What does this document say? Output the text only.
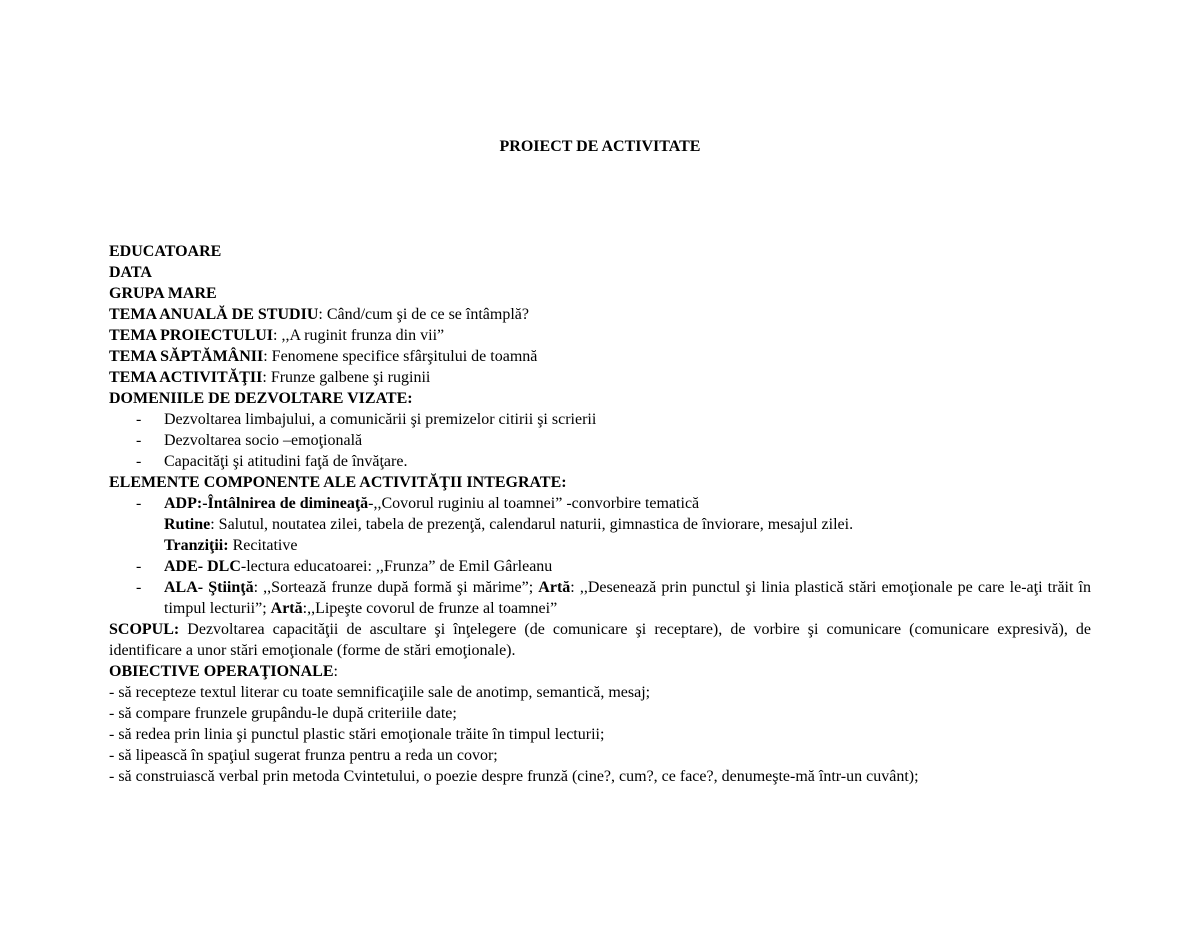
PROIECT DE ACTIVITATE
EDUCATOARE
DATA
GRUPA MARE
TEMA ANUALĂ DE STUDIU: Când/cum şi de ce se întâmplă?
TEMA PROIECTULUI: ,,A ruginit frunza din vii”
TEMA SĂPTĂMÂNII: Fenomene specifice sfârşitului de toamnă
TEMA ACTIVITĂŢII: Frunze galbene şi ruginii
DOMENIILE DE DEZVOLTARE VIZATE:
- Dezvoltarea limbajului, a comunicării şi premizelor citirii şi scrierii
- Dezvoltarea socio –emoţională
- Capacităţi şi atitudini faţă de învăţare.
ELEMENTE COMPONENTE ALE ACTIVITĂŢII INTEGRATE:
- ADP:-Întâlnirea de dimineaţă-,,Covorul ruginiu al toamnei” -convorbire tematică
Rutine: Salutul, noutatea zilei, tabela de prezenţă, calendarul naturii, gimnastica de înviorare, mesajul zilei.
Tranziţii: Recitative
- ADE- DLC-lectura educatoarei: ,,Frunza” de Emil Gârleanu
- ALA- Ştiinţă: ,,Sortează frunze după formă şi mărime”; Artă: ,,Desenează prin punctul şi linia plastică stări emoţionale pe care le-aţi trăit în timpul lecturii”; Artă:,,Lipeşte covorul de frunze al toamnei”
SCOPUL: Dezvoltarea capacităţii de ascultare şi înţelegere (de comunicare şi receptare), de vorbire şi comunicare (comunicare expresivă), de identificare a unor stări emoţionale (forme de stări emoţionale).
OBIECTIVE OPERAŢIONALE:
- să recepteze textul literar cu toate semnificaţiile sale de anotimp, semantică, mesaj;
- să compare frunzele grupându-le după criteriile date;
- să redea prin linia şi punctul plastic stări emoţionale trăite în timpul lecturii;
- să lipească în spaţiul sugerat frunza pentru a reda un covor;
- să construiască verbal prin metoda Cvintetului, o poezie despre frunză (cine?, cum?, ce face?, denumeşte-mă într-un cuvânt);
